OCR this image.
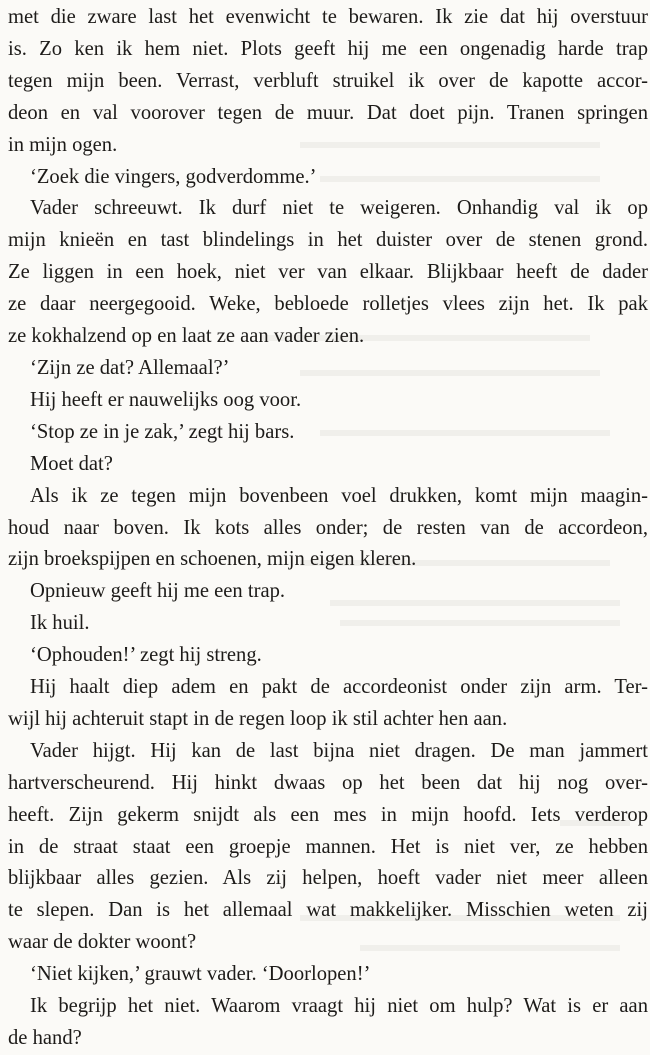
met die zware last het evenwicht te bewaren. Ik zie dat hij overstuur
is. Zo ken ik hem niet. Plots geeft hij me een ongenadig harde trap
tegen mijn been. Verrast, verbluft struikel ik over de kapotte accor-
deon en val voorover tegen de muur. Dat doet pijn. Tranen springen
in mijn ogen.

‘Zoek die vingers, godverdomme.’

Vader schreeuwt. Ik durf niet te weigeren. Onhandig val ik op
mijn knieën en tast blindelings in het duister over de stenen grond.
Ze liggen in een hoek, niet ver van elkaar. Blijkbaar heeft de dader
ze daar neergegooid. Weke, bebloede rolletjes vlees zijn het. Ik pak
ze kokhalzend op en laat ze aan vader zien.

‘Zijn ze dat? Allemaal?’

Hij heeft er nauwelijks oog voor.

‘Stop ze in je zak,’ zegt hij bars.

Moet dat?

Als ik ze tegen mijn bovenbeen voel drukken, komt mijn maagin-
houd naar boven. Ik kots alles onder; de resten van de accordeon,
zijn broekspijpen en schoenen, mijn eigen kleren.

Opnieuw geeft hij me een trap.

Ik huil.

‘Ophouden!’ zegt hij streng.

Hij haalt diep adem en pakt de accordeonist onder zijn arm. Ter-
wijl hij achteruit stapt in de regen loop ik stil achter hen aan.

Vader hijgt. Hij kan de last bijna niet dragen. De man jammert
hartverscheurend. Hij hinkt dwaas op het been dat hij nog over-
heeft. Zijn gekerm snijdt als een mes in mijn hoofd. Iets verderop
in de straat staat een groepje mannen. Het is niet ver, ze hebben
blijkbaar alles gezien. Als zij helpen, hoeft vader niet meer alleen
te slepen. Dan is het allemaal wat makkelijker. Misschien weten zij
waar de dokter woont?

‘Niet kijken,’ grauwt vader. ‘Doorlopen!’

Ik begrijp het niet. Waarom vraagt hij niet om hulp? Wat is er aan
de hand?
